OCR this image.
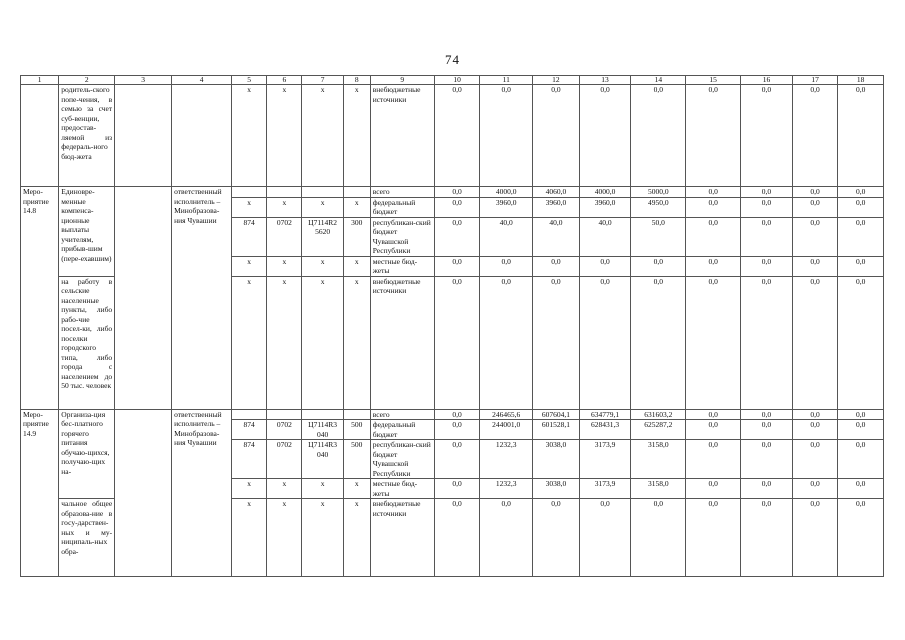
74
1	2	3	4	5	6	7	8	9	10	11	12	13	14	15	16	17	18
	родитель-ского попе-чения, в семью за счет суб-венции, предостав-ляемой из федераль-ного бюд-жета			х	х	х	х	внебюджетные источники	0,0	0,0	0,0	0,0	0,0	0,0	0,0	0,0	0,0
Меро-приятие 14.8	Единовре-менные компенса-ционные выплаты учителям, прибыв-шим (пере-ехавшим)		ответственный исполнитель – Минобразова-ния Чувашии					всего	0,0	4000,0	4060,0	4000,0	5000,0	0,0	0,0	0,0	0,0
				х	х	х	х	федеральный бюджет	0,0	3960,0	3960,0	3960,0	4950,0	0,0	0,0	0,0	0,0
				874	0702	Ц7114R2 5620	300	республикан-ский бюджет Чувашской Республики	0,0	40,0	40,0	40,0	50,0	0,0	0,0	0,0	0,0
				х	х	х	х	местные бюд-жеты	0,0	0,0	0,0	0,0	0,0	0,0	0,0	0,0	0,0
	на работу в сельские населенные пункты, либо рабо-чие посел-ки, либо поселки городского типа, либо города с населением до 50 тыс. человек			х	х	х	х	внебюджетные источники	0,0	0,0	0,0	0,0	0,0	0,0	0,0	0,0	0,0
Меро-приятие 14.9	Организа-ция бес-платного горячего питания обучаю-щихся, получаю-щих на-		ответственный исполнитель – Минобразова-ния Чувашии					всего	0,0	246465,6	607604,1	634779,1	631603,2	0,0	0,0	0,0	0,0
				874	0702	Ц7114R3 040	500	федеральный бюджет	0,0	244001,0	601528,1	628431,3	625287,2	0,0	0,0	0,0	0,0
				874	0702	Ц7114R3 040	500	республикан-ский бюджет Чувашской Республики	0,0	1232,3	3038,0	3173,9	3158,0	0,0	0,0	0,0	0,0
				х	х	х	х	местные бюд-жеты	0,0	1232,3	3038,0	3173,9	3158,0	0,0	0,0	0,0	0,0
	чальное общее образова-ние в госу-дарствен-ных и му-ниципаль-ных обра-			х	х	х	х	внебюджетные источники	0,0	0,0	0,0	0,0	0,0	0,0	0,0	0,0	0,0
